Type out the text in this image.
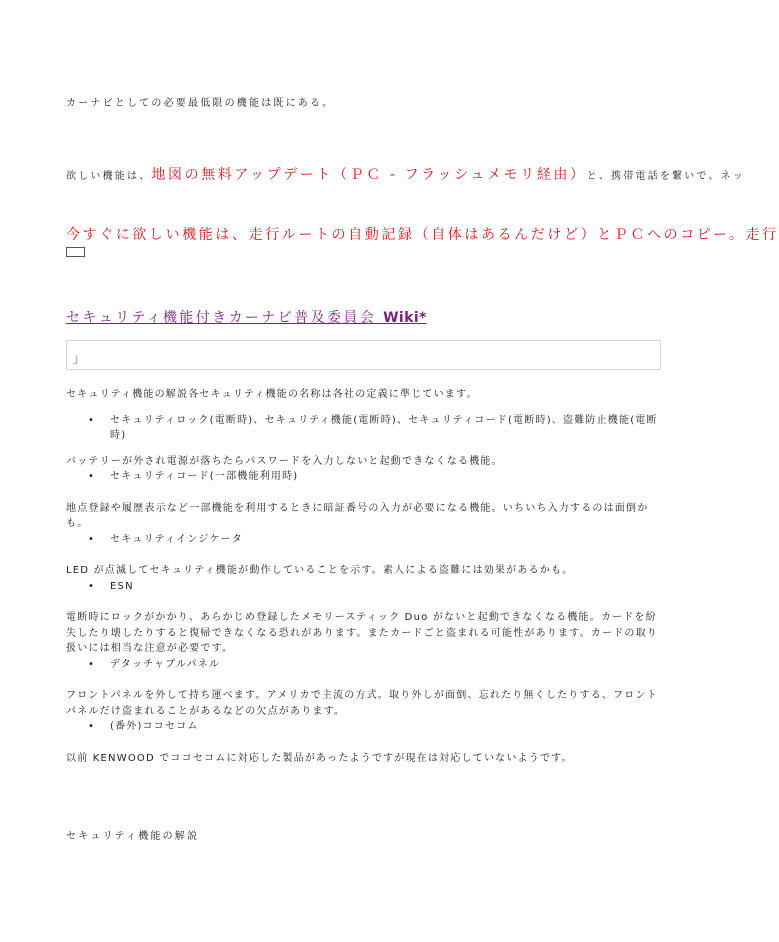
カーナビとしての必要最低限の機能は既にある。
欲しい機能は、地図の無料アップデート（ＰＣ - フラッシュメモリ経由）と、携帯電話を繋いで、ネッ
今すぐに欲しい機能は、走行ルートの自動記録（自体はあるんだけど）とＰＣへのコピー。走行
セキュリティ機能付きカーナビ普及委員会 Wiki*
」

セキュリティ機能の解説各セキュリティ機能の名称は各社の定義に準じています。

• セキュリティロック(電断時)、セキュリティ機能(電断時)、セキュリティコード(電断時)、盗難防止機能(電断時)

バッテリーが外され電源が落ちたらパスワードを入力しないと起動できなくなる機能。

• セキュリティコード(一部機能利用時)

地点登録や履歴表示など一部機能を利用するときに暗証番号の入力が必要になる機能。いちいち入力するのは面倒かも。

• セキュリティインジケータ

LED が点滅してセキュリティ機能が動作していることを示す。素人による盗難には効果があるかも。

• ESN

電断時にロックがかかり、あらかじめ登録したメモリースティック Duo がないと起動できなくなる機能。カードを紛失したり壊したりすると復帰できなくなる恐れがあります。またカードごと盗まれる可能性があります。カードの取り扱いには相当な注意が必要です。

• デタッチャブルパネル

フロントパネルを外して持ち運べます。アメリカで主流の方式。取り外しが面倒、忘れたり無くしたりする、フロントパネルだけ盗まれることがあるなどの欠点があります。

• (番外)ココセコム

以前 KENWOOD でココセコムに対応した製品があったようですが現在は対応していないようです。

セキュリティ機能の解説
